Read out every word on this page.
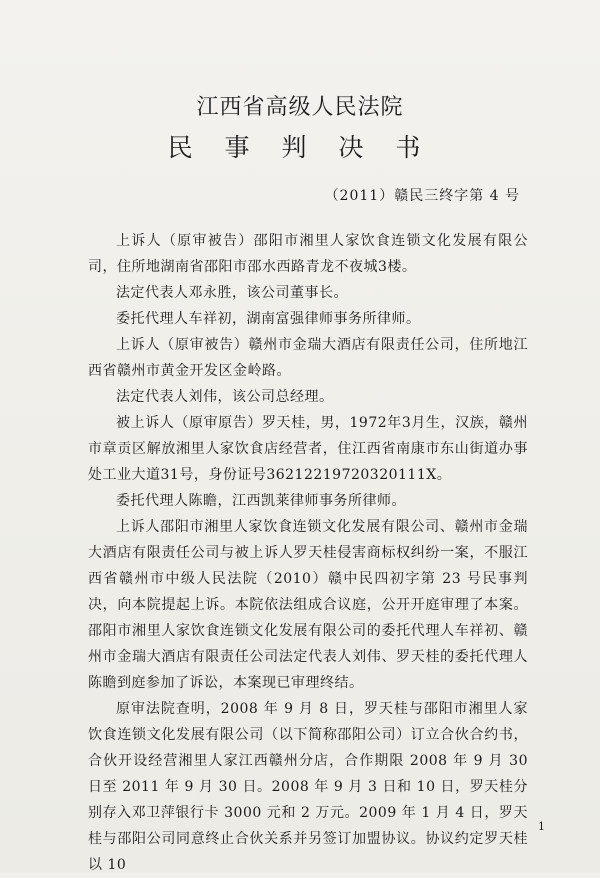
江西省高级人民法院
民 事 判 决 书
（2011）赣民三终字第 4 号

上诉人（原审被告）邵阳市湘里人家饮食连锁文化发展有限公司，住所地湖南省邵阳市邵水西路青龙不夜城3楼。

法定代表人邓永胜，该公司董事长。

委托代理人车祥初，湖南富强律师事务所律师。

上诉人（原审被告）赣州市金瑞大酒店有限责任公司，住所地江西省赣州市黄金开发区金岭路。

法定代表人刘伟，该公司总经理。

被上诉人（原审原告）罗天桂，男，1972年3月生，汉族，赣州市章贡区解放湘里人家饮食店经营者，住江西省南康市东山街道办事处工业大道31号，身份证号36212219720320111X。

委托代理人陈瞻，江西凯莱律师事务所律师。

上诉人邵阳市湘里人家饮食连锁文化发展有限公司、赣州市金瑞大酒店有限责任公司与被上诉人罗天桂侵害商标权纠纷一案，不服江西省赣州市中级人民法院（2010）赣中民四初字第 23 号民事判决，向本院提起上诉。本院依法组成合议庭，公开开庭审理了本案。邵阳市湘里人家饮食连锁文化发展有限公司的委托代理人车祥初、赣州市金瑞大酒店有限责任公司法定代表人刘伟、罗天桂的委托代理人陈瞻到庭参加了诉讼，本案现已审理终结。

原审法院查明，2008 年 9 月 8 日，罗天桂与邵阳市湘里人家饮食连锁文化发展有限公司（以下简称邵阳公司）订立合伙合约书，合伙开设经营湘里人家江西赣州分店，合作期限 2008 年 9 月 30 日至 2011 年 9 月 30 日。2008 年 9 月 3 日和 10 日，罗天桂分别存入邓卫萍银行卡 3000 元和 2 万元。2009 年 1 月 4 日，罗天桂与邵阳公司同意终止合伙关系并另签订加盟协议。协议约定罗天桂以 10

1
